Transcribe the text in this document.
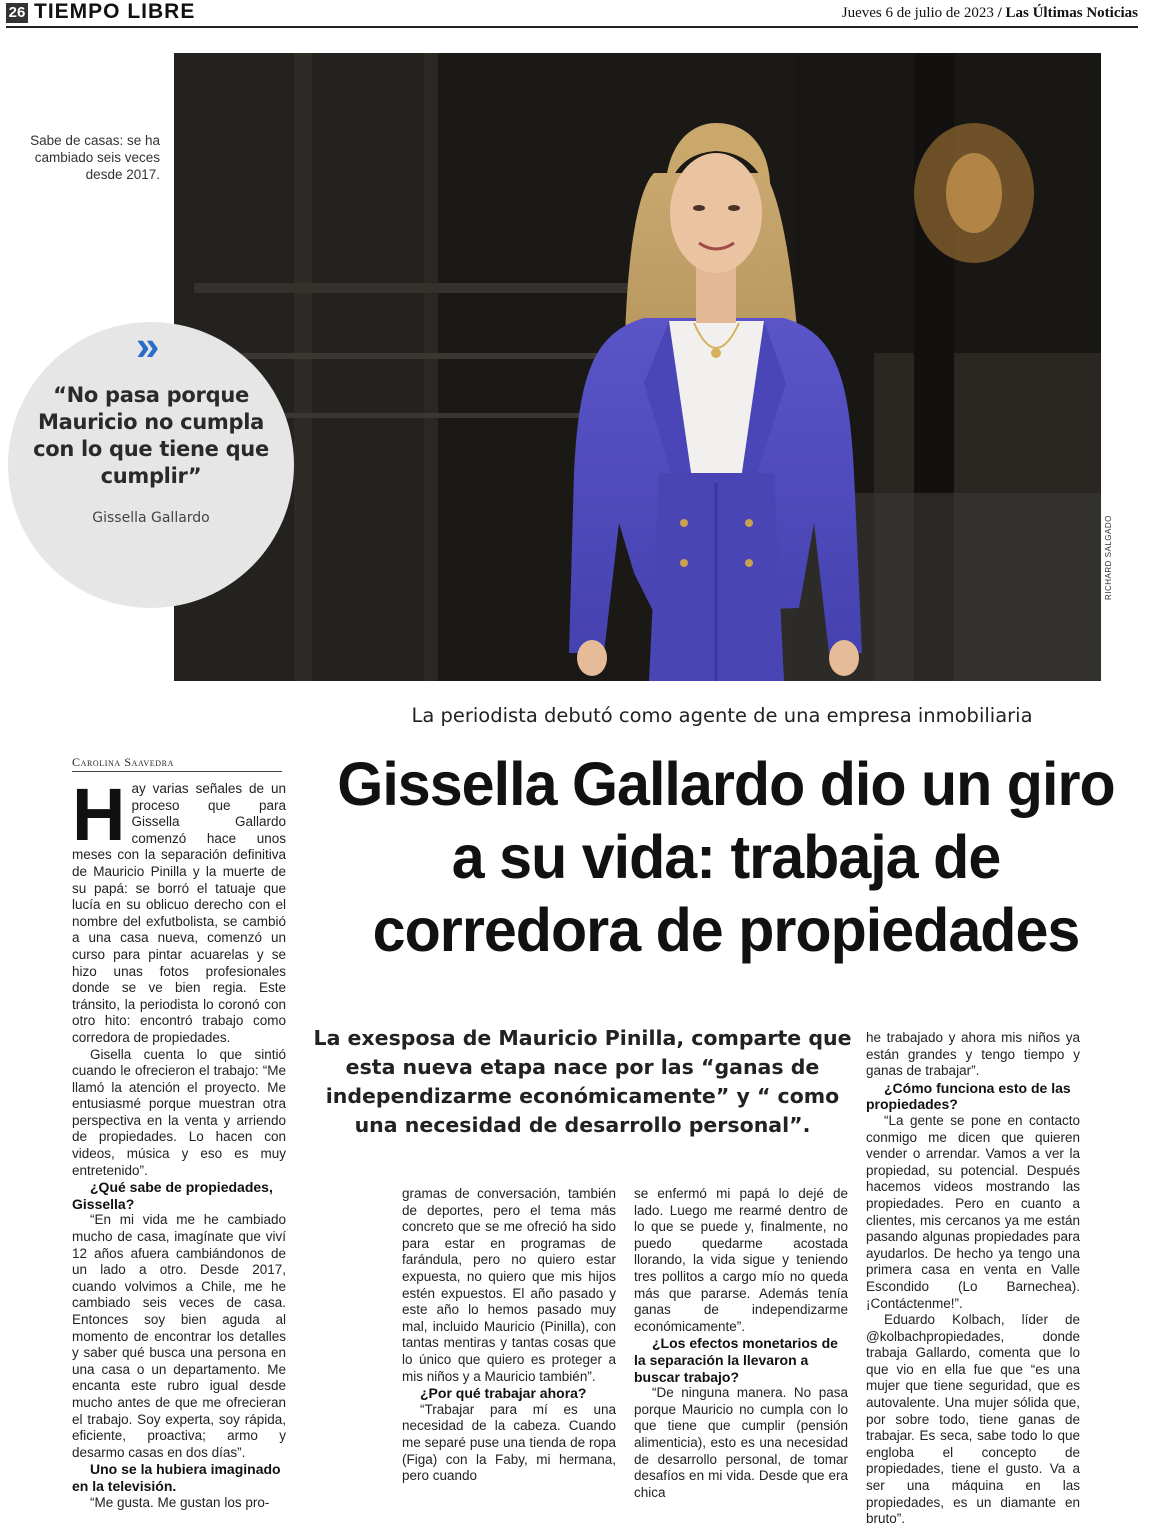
26 TIEMPO LIBRE	Jueves 6 de julio de 2023 / Las Últimas Noticias
RICHARD SALGADO
Sabe de casas: se ha cambiado seis veces desde 2017.
»
“No pasa porque Mauricio no cumpla con lo que tiene que cumplir”
Gissella Gallardo
La periodista debutó como agente de una empresa inmobiliaria
Gissella Gallardo dio un giro a su vida: trabaja de corredora de propiedades
La exesposa de Mauricio Pinilla, comparte que esta nueva etapa nace por las “ganas de independizarme económicamente” y “ como una necesidad de desarrollo personal”.
Carolina Saavedra
H ay varias señales de un proceso que para Gissella Gallardo comenzó hace unos meses con la separación definitiva de Mauricio Pinilla y la muerte de su papá: se borró el tatuaje que lucía en su oblicuo derecho con el nombre del exfutbolista, se cambió a una casa nueva, comenzó un curso para pintar acuarelas y se hizo unas fotos profesionales donde se ve bien regia. Este tránsito, la periodista lo coronó con otro hito: encontró trabajo como corredora de propiedades.

Gisella cuenta lo que sintió cuando le ofrecieron el trabajo: “Me llamó la atención el proyecto. Me entusiasmé porque muestran otra perspectiva en la venta y arriendo de propiedades. Lo hacen con videos, música y eso es muy entretenido”.

¿Qué sabe de propiedades, Gissella?

“En mi vida me he cambiado mucho de casa, imagínate que viví 12 años afuera cambiándonos de un lado a otro. Desde 2017, cuando volvimos a Chile, me he cambiado seis veces de casa. Entonces soy bien aguda al momento de encontrar los detalles y saber qué busca una persona en una casa o un departamento. Me encanta este rubro igual desde mucho antes de que me ofrecieran el trabajo. Soy experta, soy rápida, eficiente, proactiva; armo y desarmo casas en dos días”.

Uno se la hubiera imaginado en la televisión.

“Me gusta. Me gustan los pro-

gramas de conversación, también de deportes, pero el tema más concreto que se me ofreció ha sido para estar en programas de farándula, pero no quiero estar expuesta, no quiero que mis hijos estén expuestos. El año pasado y este año lo hemos pasado muy mal, incluido Mauricio (Pinilla), con tantas mentiras y tantas cosas que lo único que quiero es proteger a mis niños y a Mauricio también”.

¿Por qué trabajar ahora?

“Trabajar para mí es una necesidad de la cabeza. Cuando me separé puse una tienda de ropa (Figa) con la Faby, mi hermana, pero cuando

se enfermó mi papá lo dejé de lado. Luego me rearmé dentro de lo que se puede y, finalmente, no puedo quedarme acostada llorando, la vida sigue y teniendo tres pollitos a cargo mío no queda más que pararse. Además tenía ganas de independizarme económicamente”.

¿Los efectos monetarios de la separación la llevaron a buscar trabajo?

“De ninguna manera. No pasa porque Mauricio no cumpla con lo que tiene que cumplir (pensión alimenticia), esto es una necesidad de desarrollo personal, de tomar desafíos en mi vida. Desde que era chica

he trabajado y ahora mis niños ya están grandes y tengo tiempo y ganas de trabajar”.

¿Cómo funciona esto de las propiedades?

“La gente se pone en contacto conmigo me dicen que quieren vender o arrendar. Vamos a ver la propiedad, su potencial. Después hacemos videos mostrando las propiedades. Pero en cuanto a clientes, mis cercanos ya me están pasando algunas propiedades para ayudarlos. De hecho ya tengo una primera casa en venta en Valle Escondido (Lo Barnechea). ¡Contáctenme!”.

Eduardo Kolbach, líder de @kolbachpropiedades, donde trabaja Gallardo, comenta que lo que vio en ella fue que “es una mujer que tiene seguridad, que es autovalente. Una mujer sólida que, por sobre todo, tiene ganas de trabajar. Es seca, sabe todo lo que engloba el concepto de propiedades, tiene el gusto. Va a ser una máquina en las propiedades, es un diamante en bruto”.
